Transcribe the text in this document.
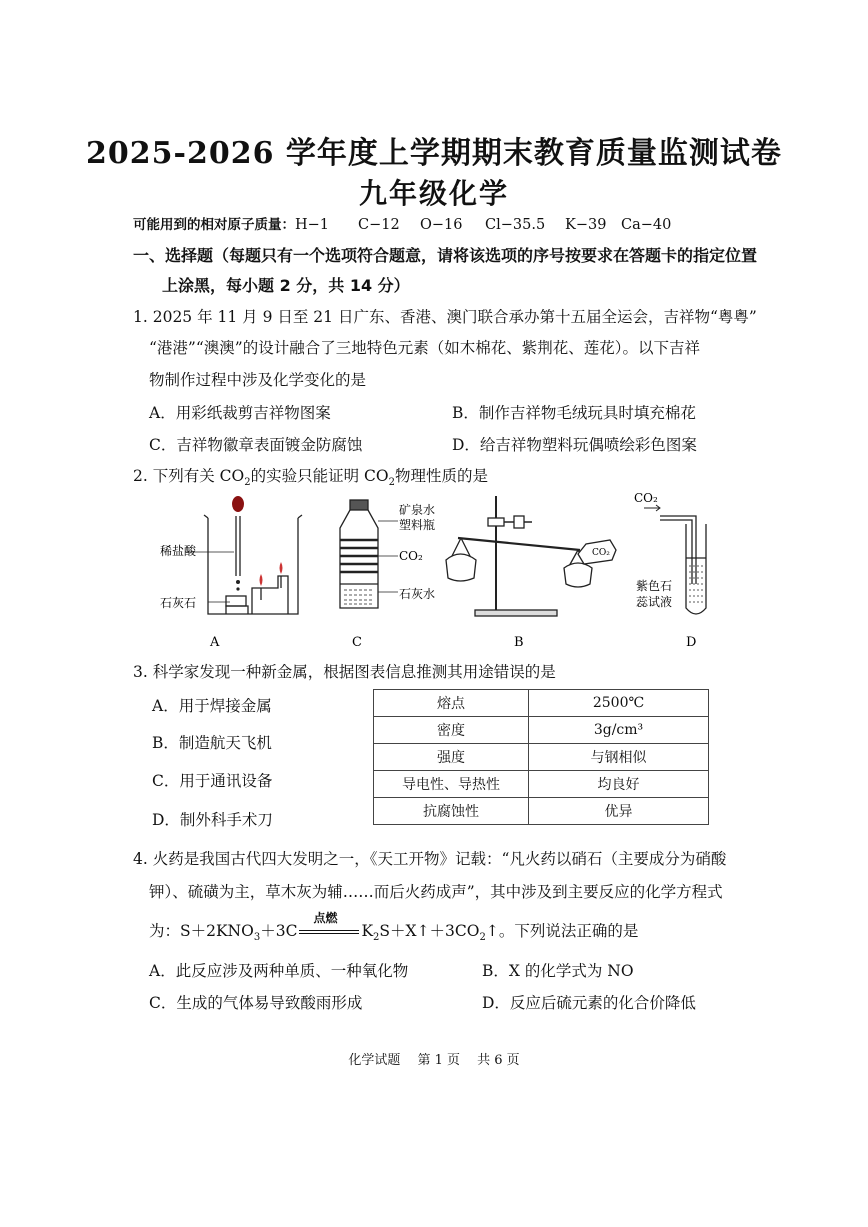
2025-2026 学年度上学期期末教育质量监测试卷
九年级化学
可能用到的相对原子质量：H−1 C−12 O−16 Cl−35.5 K−39 Ca−40
一、选择题（每题只有一个选项符合题意，请将该选项的序号按要求在答题卡的指定位置
上涂黑，每小题 2 分，共 14 分）
1. 2025 年 11 月 9 日至 21 日广东、香港、澳门联合承办第十五届全运会，吉祥物“粤粤”
“港港”“澳澳”的设计融合了三地特色元素（如木棉花、紫荆花、莲花）。以下吉祥
物制作过程中涉及化学变化的是
A．用彩纸裁剪吉祥物图案	B．制作吉祥物毛绒玩具时填充棉花
C．吉祥物徽章表面镀金防腐蚀	D．给吉祥物塑料玩偶喷绘彩色图案
2. 下列有关 $CO_2$的实验只能证明 $CO_2$物理性质的是
稀盐酸
石灰石
矿泉水
塑料瓶
CO₂
石灰水
CO₂
CO₂
紫色石
蕊试液
A	C	B	D
3. 科学家发现一种新金属，根据图表信息推测其用途错误的是
A．用于焊接金属
B．制造航天飞机
C．用于通讯设备
D．制外科手术刀
熔点	2500℃
密度	3g/cm³
强度	与钢相似
导电性、导热性	均良好
抗腐蚀性	优异
4. 火药是我国古代四大发明之一，《天工开物》记载：“凡火药以硝石（主要成分为硝酸
钾）、硫磺为主，草木灰为辅……而后火药成声”，其中涉及到主要反应的化学方程式
为：$S+2KNO_3+3C$
点燃
$K_2S+X↑+3CO_2↑$。下列说法正确的是
A．此反应涉及两种单质、一种氧化物	B．X 的化学式为 NO
C．生成的气体易导致酸雨形成	D．反应后硫元素的化合价降低
化学试题　 第 1 页　 共 6 页
